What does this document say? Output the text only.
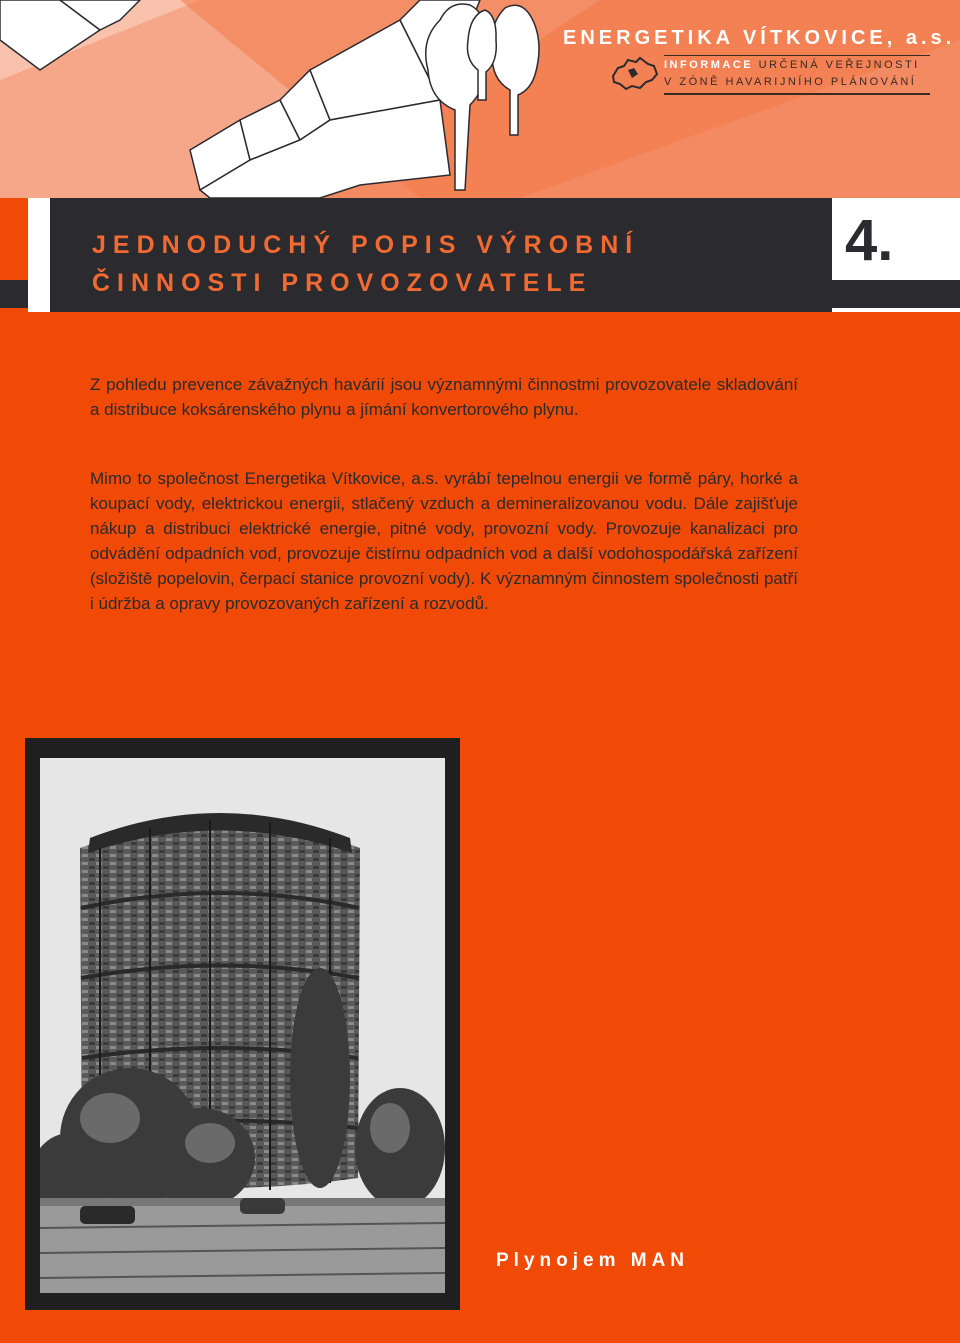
ENERGETIKA VÍTKOVICE, a.s.
INFORMACE URČENÁ VEŘEJNOSTI
V ZÓNĚ HAVARIJNÍHO PLÁNOVÁNÍ
JEDNODUCHÝ POPIS VÝROBNÍ
ČINNOSTI PROVOZOVATELE
4.

Z pohledu prevence závažných havárií jsou významnými činnostmi provozovatele skladování a distribuce koksárenského plynu a jímání konvertorového plynu.

Mimo to společnost Energetika Vítkovice, a.s. vyrábí tepelnou energii ve formě páry, horké a koupací vody, elektrickou energii, stlačený vzduch a demineralizovanou vodu. Dále zajišťuje nákup a distribuci elektrické energie, pitné vody, provozní vody. Provozuje kanalizaci pro odvádění odpadních vod, provozuje čistírnu odpadních vod a další vodohospodářská zařízení (složiště popelovin, čerpací stanice provozní vody). K významným činnostem společnosti patří i údržba a opravy provozovaných zařízení a rozvodů.

Plynojem MAN
